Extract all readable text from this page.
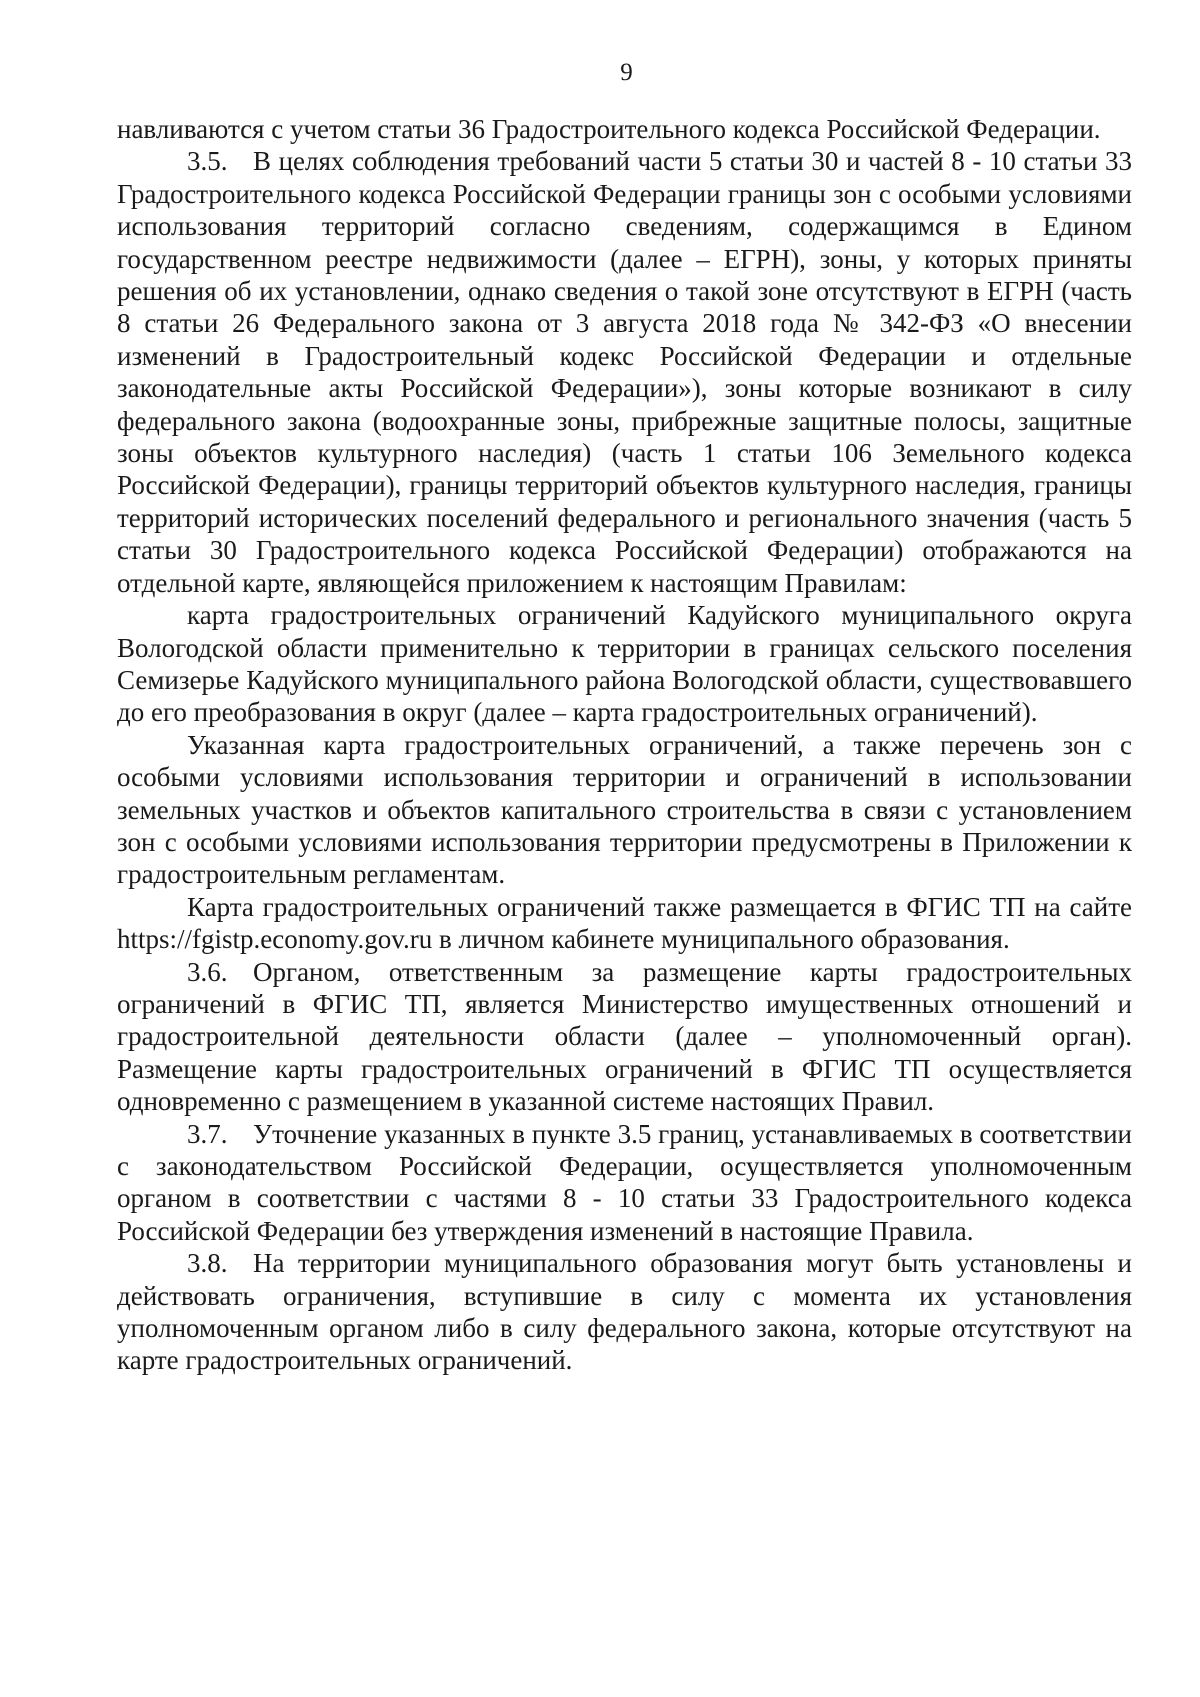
9

навливаются с учетом статьи 36 Градостроительного кодекса Российской Федерации.

3.5. В целях соблюдения требований части 5 статьи 30 и частей 8 - 10 статьи 33 Градостроительного кодекса Российской Федерации границы зон с особыми условиями использования территорий согласно сведениям, содержащимся в Едином государственном реестре недвижимости (далее – ЕГРН), зоны, у которых приняты решения об их установлении, однако сведения о такой зоне отсутствуют в ЕГРН (часть 8 статьи 26 Федерального закона от 3 августа 2018 года № 342-ФЗ «О внесении изменений в Градостроительный кодекс Российской Федерации и отдельные законодательные акты Российской Федерации»), зоны которые возникают в силу федерального закона (водоохранные зоны, прибрежные защитные полосы, защитные зоны объектов культурного наследия) (часть 1 статьи 106 Земельного кодекса Российской Федерации), границы территорий объектов культурного наследия, границы территорий исторических поселений федерального и регионального значения (часть 5 статьи 30 Градостроительного кодекса Российской Федерации) отображаются на отдельной карте, являющейся приложением к настоящим Правилам:

карта градостроительных ограничений Кадуйского муниципального округа Вологодской области применительно к территории в границах сельского поселения Семизерье Кадуйского муниципального района Вологодской области, существовавшего до его преобразования в округ (далее – карта градостроительных ограничений).

Указанная карта градостроительных ограничений, а также перечень зон с особыми условиями использования территории и ограничений в использовании земельных участков и объектов капитального строительства в связи с установлением зон с особыми условиями использования территории предусмотрены в Приложении к градостроительным регламентам.

Карта градостроительных ограничений также размещается в ФГИС ТП на сайте https://fgistp.economy.gov.ru в личном кабинете муниципального образования.

3.6. Органом, ответственным за размещение карты градостроительных ограничений в ФГИС ТП, является Министерство имущественных отношений и градостроительной деятельности области (далее – уполномоченный орган). Размещение карты градостроительных ограничений в ФГИС ТП осуществляется одновременно с размещением в указанной системе настоящих Правил.

3.7. Уточнение указанных в пункте 3.5 границ, устанавливаемых в соответствии с законодательством Российской Федерации, осуществляется уполномоченным органом в соответствии с частями 8 - 10 статьи 33 Градостроительного кодекса Российской Федерации без утверждения изменений в настоящие Правила.

3.8. На территории муниципального образования могут быть установлены и действовать ограничения, вступившие в силу с момента их установления уполномоченным органом либо в силу федерального закона, которые отсутствуют на карте градостроительных ограничений.
